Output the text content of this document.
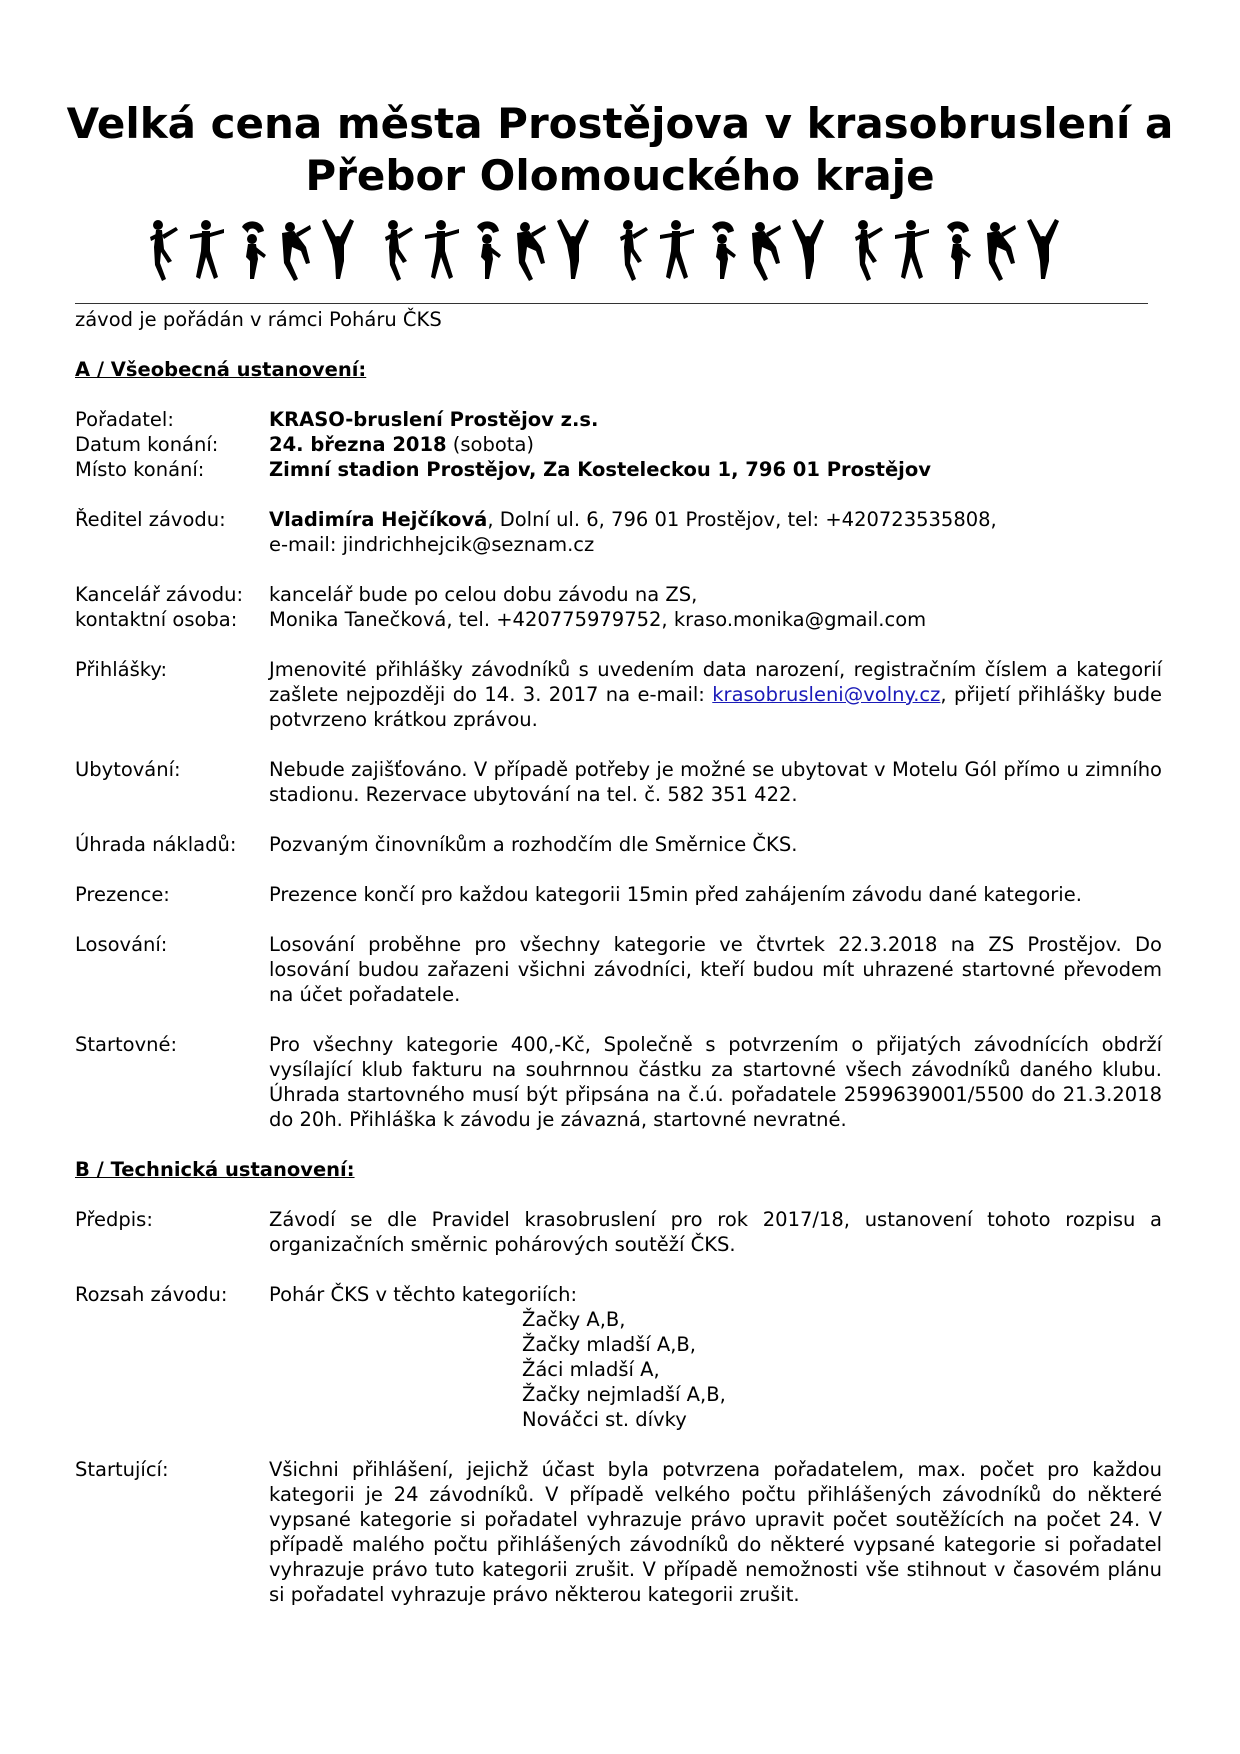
Velká cena města Prostějova v krasobruslení a
Přebor Olomouckého kraje
závod je pořádán v rámci Poháru ČKS
A / Všeobecná ustanovení:
Pořadatel:	KRASO-bruslení Prostějov z.s.
Datum konání:	24. března 2018 (sobota)
Místo konání:	Zimní stadion Prostějov, Za Kosteleckou 1, 796 01 Prostějov
Ředitel závodu:	Vladimíra Hejčíková, Dolní ul. 6, 796 01 Prostějov, tel: +420723535808,
e-mail: jindrichhejcik@seznam.cz
Kancelář závodu:	kancelář bude po celou dobu závodu na ZS,
kontaktní osoba:	Monika Tanečková, tel. +420775979752, kraso.monika@gmail.com
Přihlášky:	Jmenovité přihlášky závodníků s uvedením data narození, registračním číslem a kategorií zašlete nejpozději do 14. 3. 2017 na e-mail: krasobrusleni@volny.cz, přijetí přihlášky bude potvrzeno krátkou zprávou.
Ubytování:	Nebude zajišťováno. V případě potřeby je možné se ubytovat v Motelu Gól přímo u zimního stadionu. Rezervace ubytování na tel. č. 582 351 422.
Úhrada nákladů:	Pozvaným činovníkům a rozhodčím dle Směrnice ČKS.
Prezence:	Prezence končí pro každou kategorii 15min před zahájením závodu dané kategorie.
Losování:	Losování proběhne pro všechny kategorie ve čtvrtek 22.3.2018 na ZS Prostějov. Do losování budou zařazeni všichni závodníci, kteří budou mít uhrazené startovné převodem na účet pořadatele.
Startovné:	Pro všechny kategorie 400,-Kč, Společně s potvrzením o přijatých závodnících obdrží vysílající klub fakturu na souhrnnou částku za startovné všech závodníků daného klubu. Úhrada startovného musí být připsána na č.ú. pořadatele 2599639001/5500 do 21.3.2018 do 20h. Přihláška k závodu je závazná, startovné nevratné.
B / Technická ustanovení:
Předpis:	Závodí se dle Pravidel krasobruslení pro rok 2017/18, ustanovení tohoto rozpisu a organizačních směrnic pohárových soutěží ČKS.
Rozsah závodu:	Pohár ČKS v těchto kategoriích:
Žačky A,B,
Žačky mladší A,B,
Žáci mladší A,
Žačky nejmladší A,B,
Nováčci st. dívky
Startující:	Všichni přihlášení, jejichž účast byla potvrzena pořadatelem, max. počet pro každou kategorii je 24 závodníků. V případě velkého počtu přihlášených závodníků do některé vypsané kategorie si pořadatel vyhrazuje právo upravit počet soutěžících na počet 24. V případě malého počtu přihlášených závodníků do některé vypsané kategorie si pořadatel vyhrazuje právo tuto kategorii zrušit. V případě nemožnosti vše stihnout v časovém plánu si pořadatel vyhrazuje právo některou kategorii zrušit.
